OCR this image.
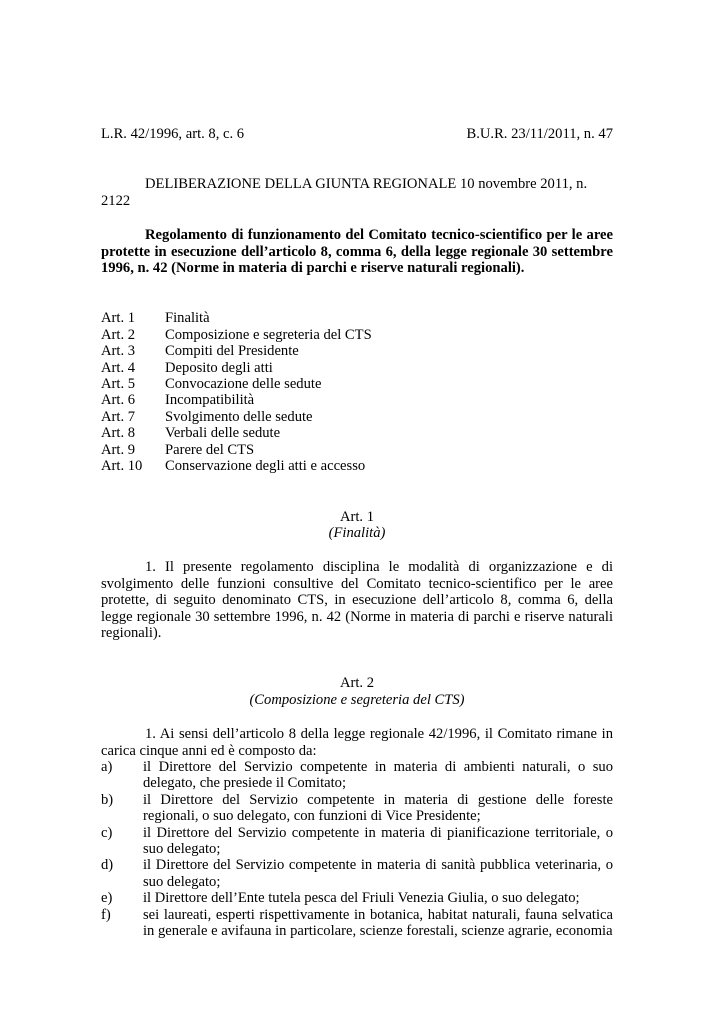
L.R. 42/1996, art. 8, c. 6	B.U.R. 23/11/2011, n. 47
DELIBERAZIONE DELLA GIUNTA REGIONALE 10 novembre 2011, n. 2122
Regolamento di funzionamento del Comitato tecnico-scientifico per le aree protette in esecuzione dell’articolo 8, comma 6, della legge regionale 30 settembre 1996, n. 42 (Norme in materia di parchi e riserve naturali regionali).
Art. 1	Finalità
Art. 2	Composizione e segreteria del CTS
Art. 3	Compiti del Presidente
Art. 4	Deposito degli atti
Art. 5	Convocazione delle sedute
Art. 6	Incompatibilità
Art. 7	Svolgimento delle sedute
Art. 8	Verbali delle sedute
Art. 9	Parere del CTS
Art. 10	Conservazione degli atti e accesso
Art. 1
(Finalità)
1. Il presente regolamento disciplina le modalità di organizzazione e di svolgimento delle funzioni consultive del Comitato tecnico-scientifico per le aree protette, di seguito denominato CTS, in esecuzione dell’articolo 8, comma 6, della legge regionale 30 settembre 1996, n. 42 (Norme in materia di parchi e riserve naturali regionali).
Art. 2
(Composizione e segreteria del CTS)
1. Ai sensi dell’articolo 8 della legge regionale 42/1996, il Comitato rimane in carica cinque anni ed è composto da:
a)	il Direttore del Servizio competente in materia di ambienti naturali, o suo delegato, che presiede il Comitato;
b)	il Direttore del Servizio competente in materia di gestione delle foreste regionali, o suo delegato, con funzioni di Vice Presidente;
c)	il Direttore del Servizio competente in materia di pianificazione territoriale, o suo delegato;
d)	il Direttore del Servizio competente in materia di sanità pubblica veterinaria, o suo delegato;
e)	il Direttore dell’Ente tutela pesca del Friuli Venezia Giulia, o suo delegato;
f)	sei laureati, esperti rispettivamente in botanica, habitat naturali, fauna selvatica in generale e avifauna in particolare, scienze forestali, scienze agrarie, economia
